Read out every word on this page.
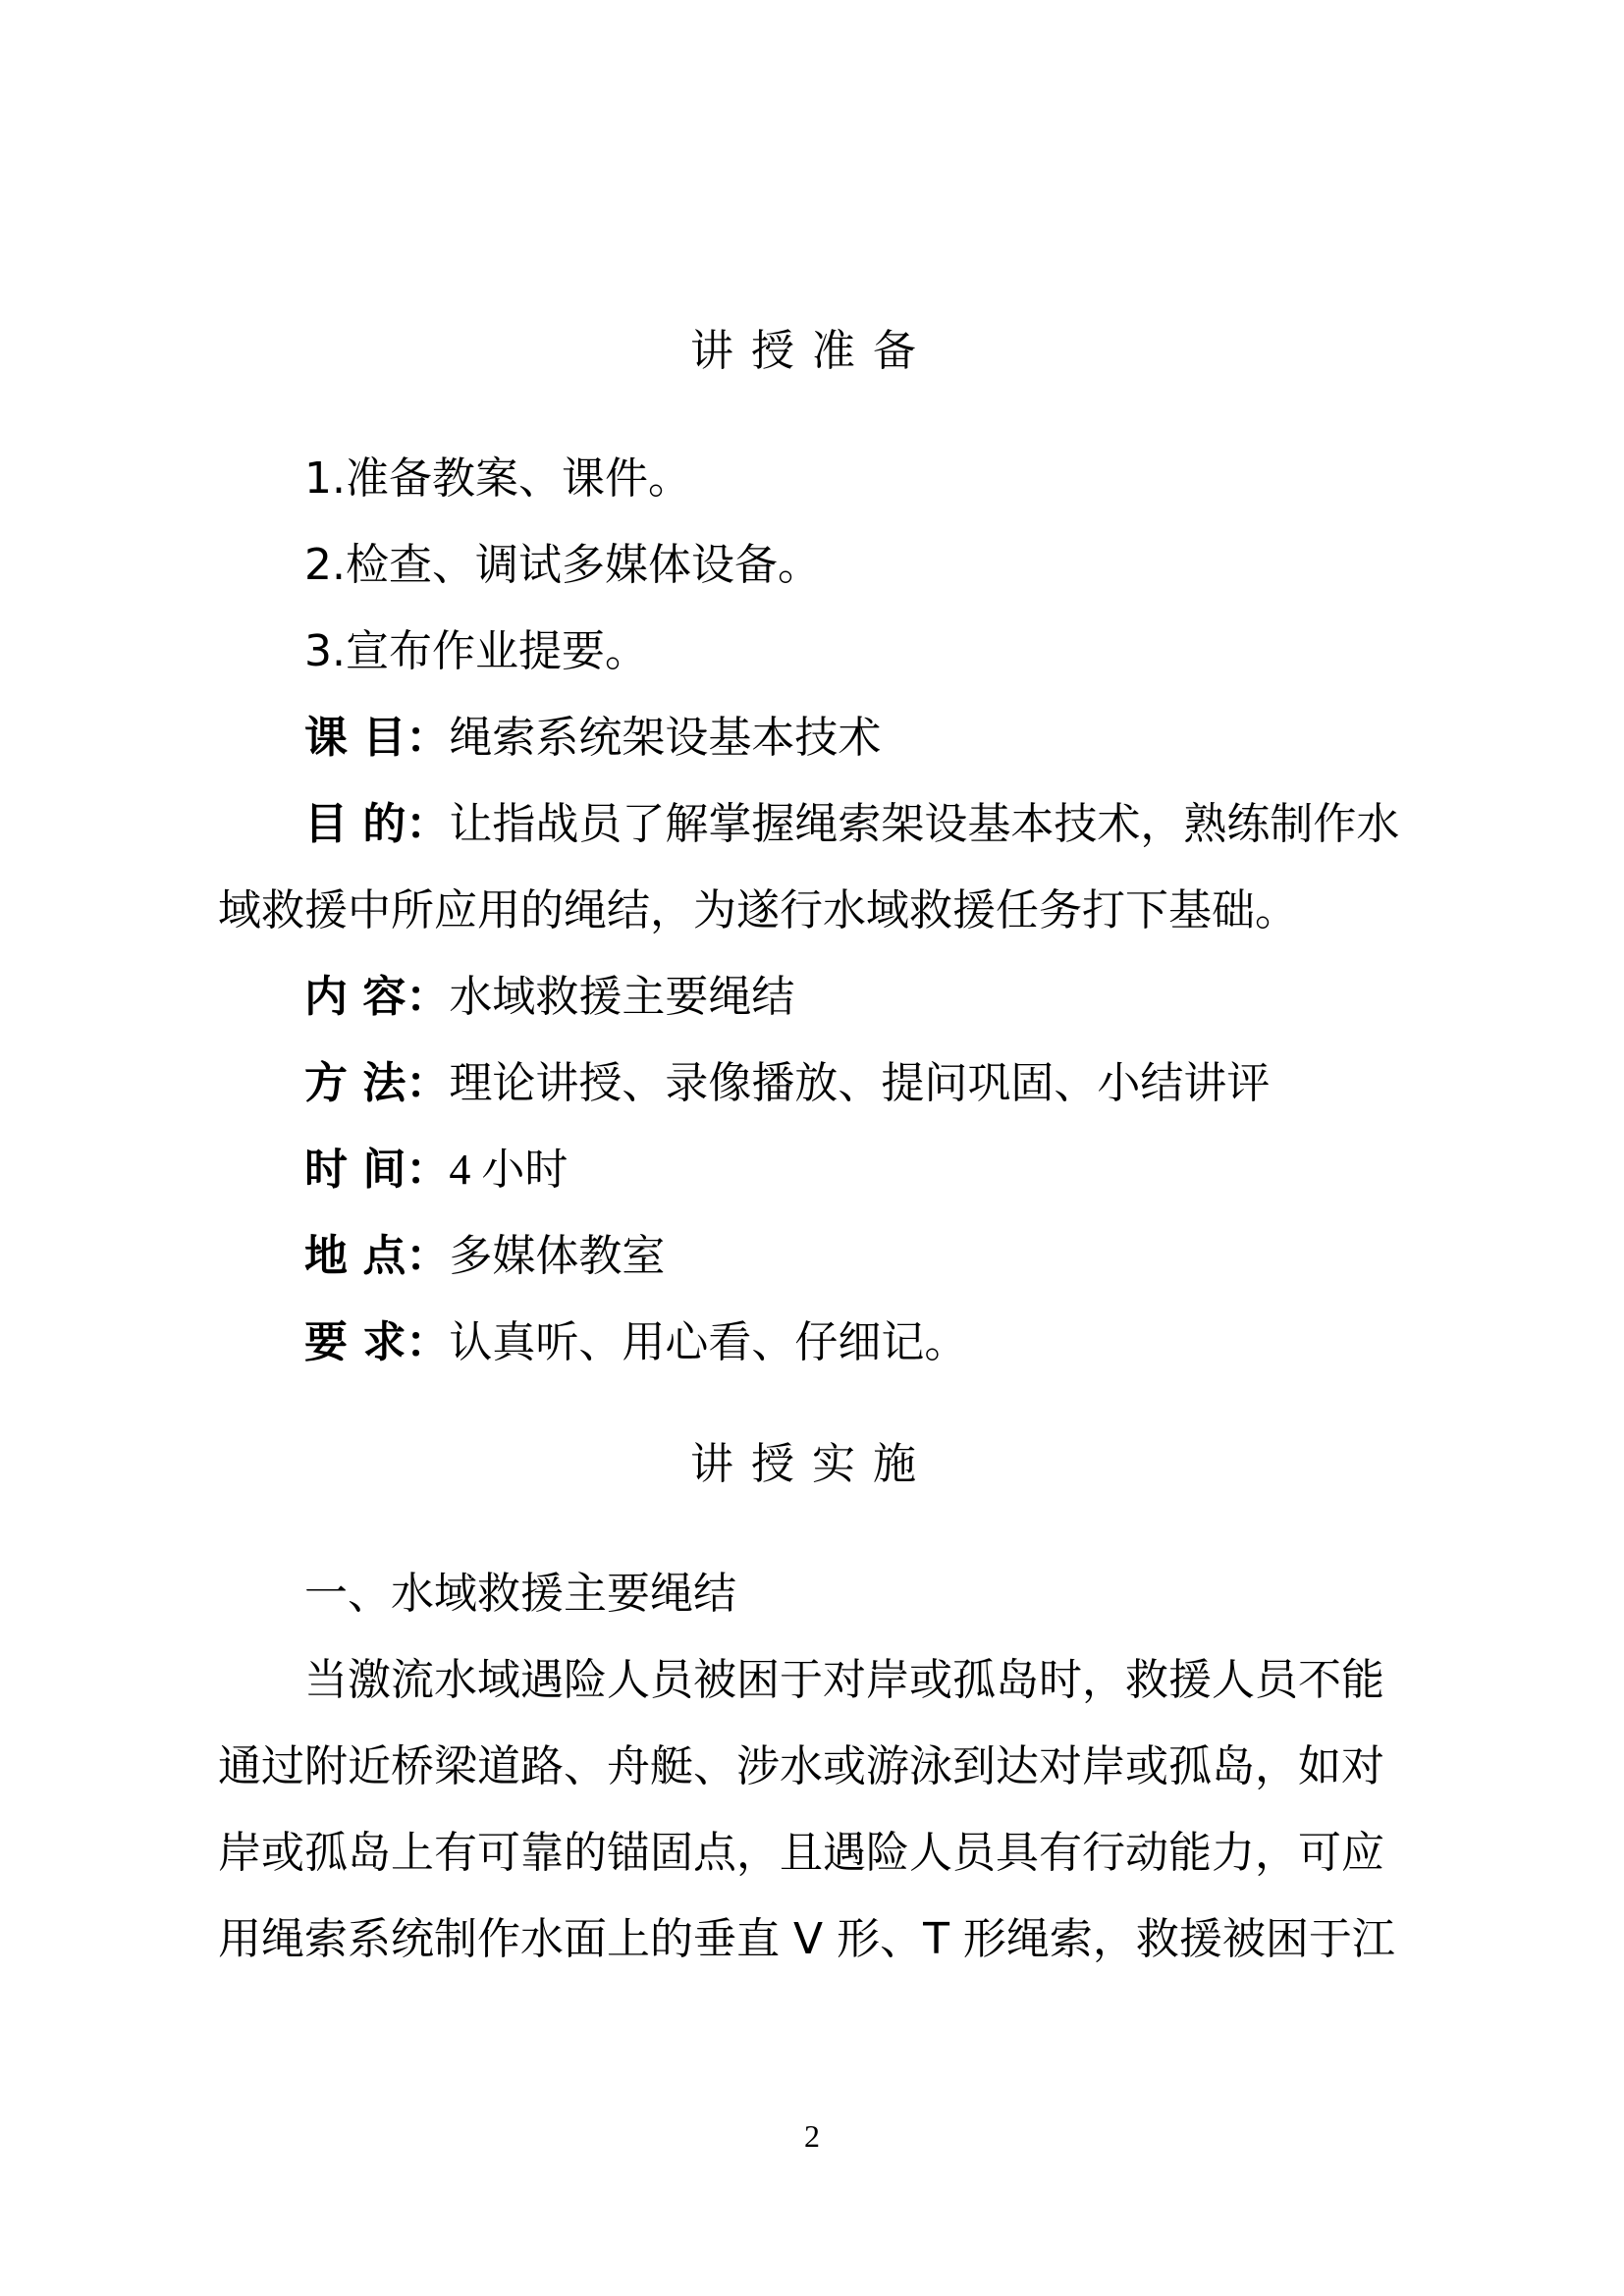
讲授准备
1.准备教案、课件。
2.检查、调试多媒体设备。
3.宣布作业提要。
课 目：绳索系统架设基本技术
目 的：让指战员了解掌握绳索架设基本技术，熟练制作水
域救援中所应用的绳结，为遂行水域救援任务打下基础。
内 容：水域救援主要绳结
方 法：理论讲授、录像播放、提问巩固、小结讲评
时 间：4 小时
地 点：多媒体教室
要 求：认真听、用心看、仔细记。
讲授实施
一、水域救援主要绳结
当激流水域遇险人员被困于对岸或孤岛时，救援人员不能
通过附近桥梁道路、舟艇、涉水或游泳到达对岸或孤岛，如对
岸或孤岛上有可靠的锚固点，且遇险人员具有行动能力，可应
用绳索系统制作水面上的垂直 V 形、T 形绳索，救援被困于江
2
